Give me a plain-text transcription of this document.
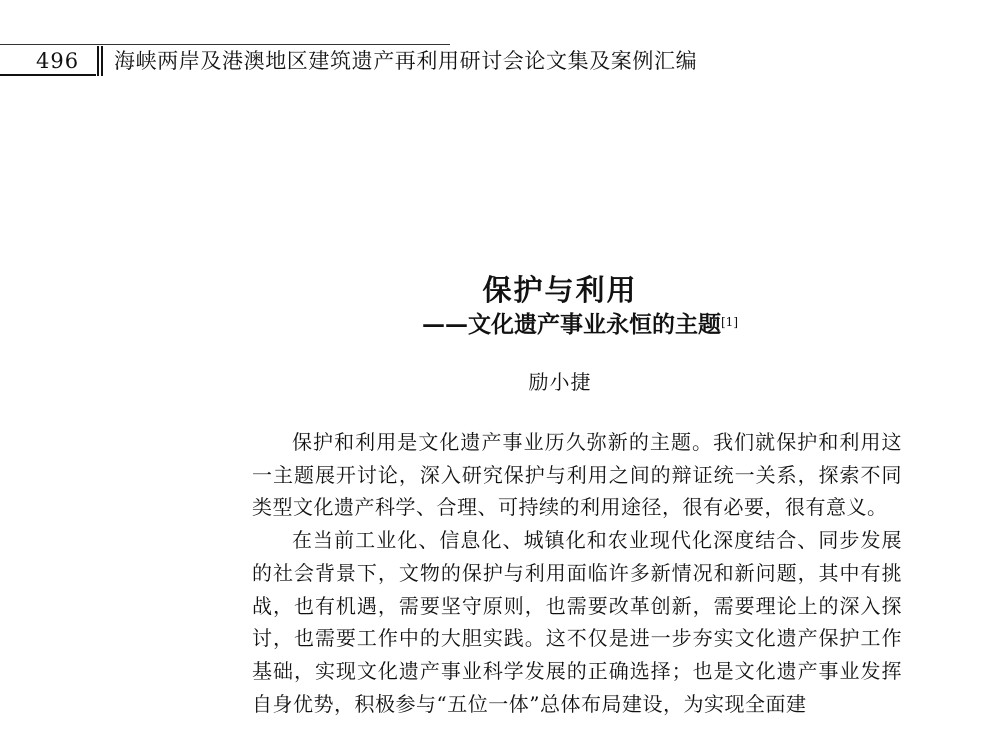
496 海峡两岸及港澳地区建筑遗产再利用研讨会论文集及案例汇编
保护与利用
——文化遗产事业永恒的主题[1]
励小捷

保护和利用是文化遗产事业历久弥新的主题。我们就保护和利用这一主题展开讨论，深入研究保护与利用之间的辩证统一关系，探索不同类型文化遗产科学、合理、可持续的利用途径，很有必要，很有意义。

在当前工业化、信息化、城镇化和农业现代化深度结合、同步发展的社会背景下，文物的保护与利用面临许多新情况和新问题，其中有挑战，也有机遇，需要坚守原则，也需要改革创新，需要理论上的深入探讨，也需要工作中的大胆实践。这不仅是进一步夯实文化遗产保护工作基础，实现文化遗产事业科学发展的正确选择；也是文化遗产事业发挥自身优势，积极参与“五位一体”总体布局建设，为实现全面建
